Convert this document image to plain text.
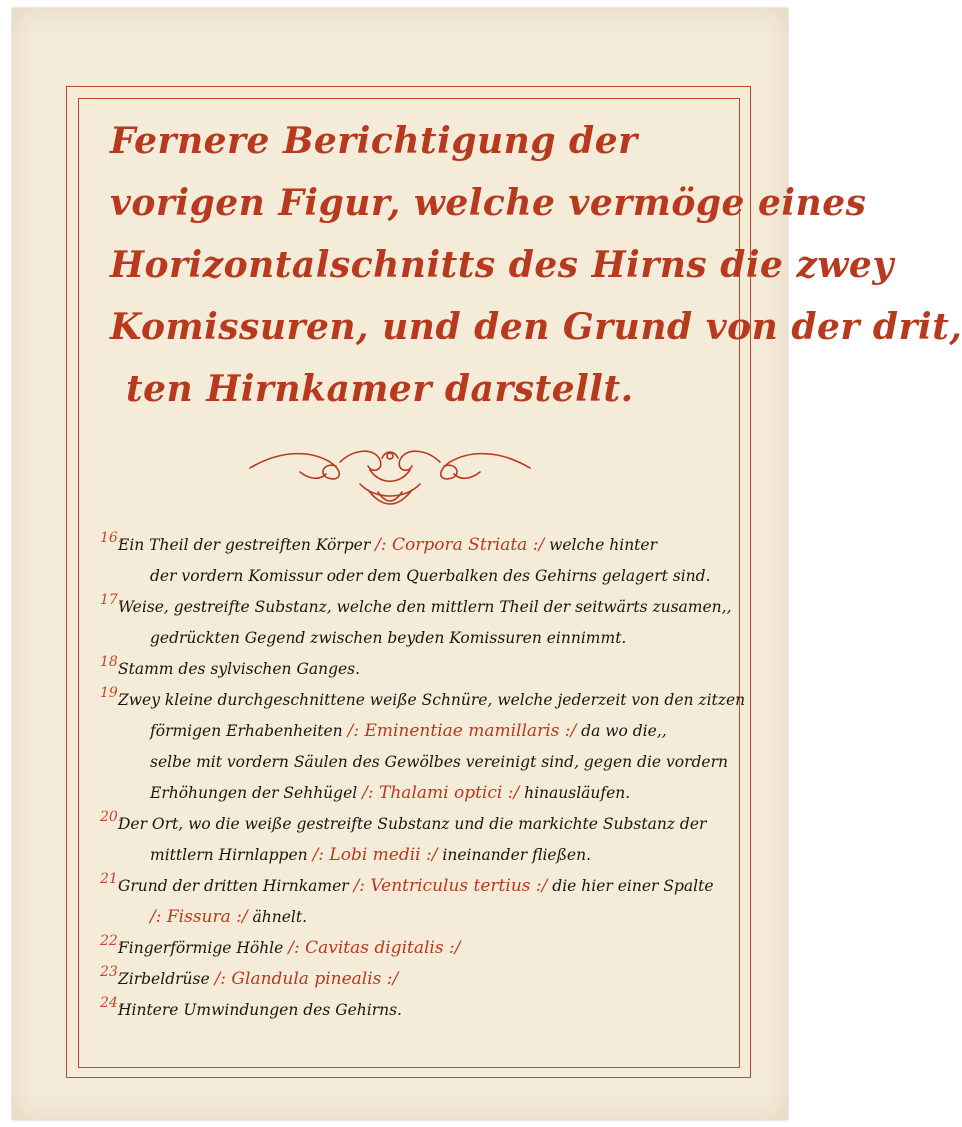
Fernere Berichtigung der
vorigen Figur, welche vermöge eines
Horizontalschnitts des Hirns die zwey
Komissuren, und den Grund von der drit,
ten Hirnkamer darstellt.
16.
Ein Theil der gestreiften Körper /: Corpora Striata :/ welche hinter
der vordern Komissur oder dem Querbalken des Gehirns gelagert sind.
17.
Weise, gestreifte Substanz, welche den mittlern Theil der seitwärts zusamen,,
gedrückten Gegend zwischen beyden Komissuren einnimmt.
18.
Stamm des sylvischen Ganges.
19.
Zwey kleine durchgeschnittene weiße Schnüre, welche jederzeit von den zitzen
förmigen Erhabenheiten /: Eminentiae mamillaris :/ da wo die,,
selbe mit vordern Säulen des Gewölbes vereinigt sind, gegen die vordern
Erhöhungen der Sehhügel /: Thalami optici :/ hinausläufen.
20.
Der Ort, wo die weiße gestreifte Substanz und die markichte Substanz der
mittlern Hirnlappen /: Lobi medii :/ ineinander fließen.
21.
Grund der dritten Hirnkamer /: Ventriculus tertius :/ die hier einer Spalte
/: Fissura :/ ähnelt.
22.
Fingerförmige Höhle /: Cavitas digitalis :/
23.
Zirbeldrüse /: Glandula pinealis :/
24.
Hintere Umwindungen des Gehirns.
